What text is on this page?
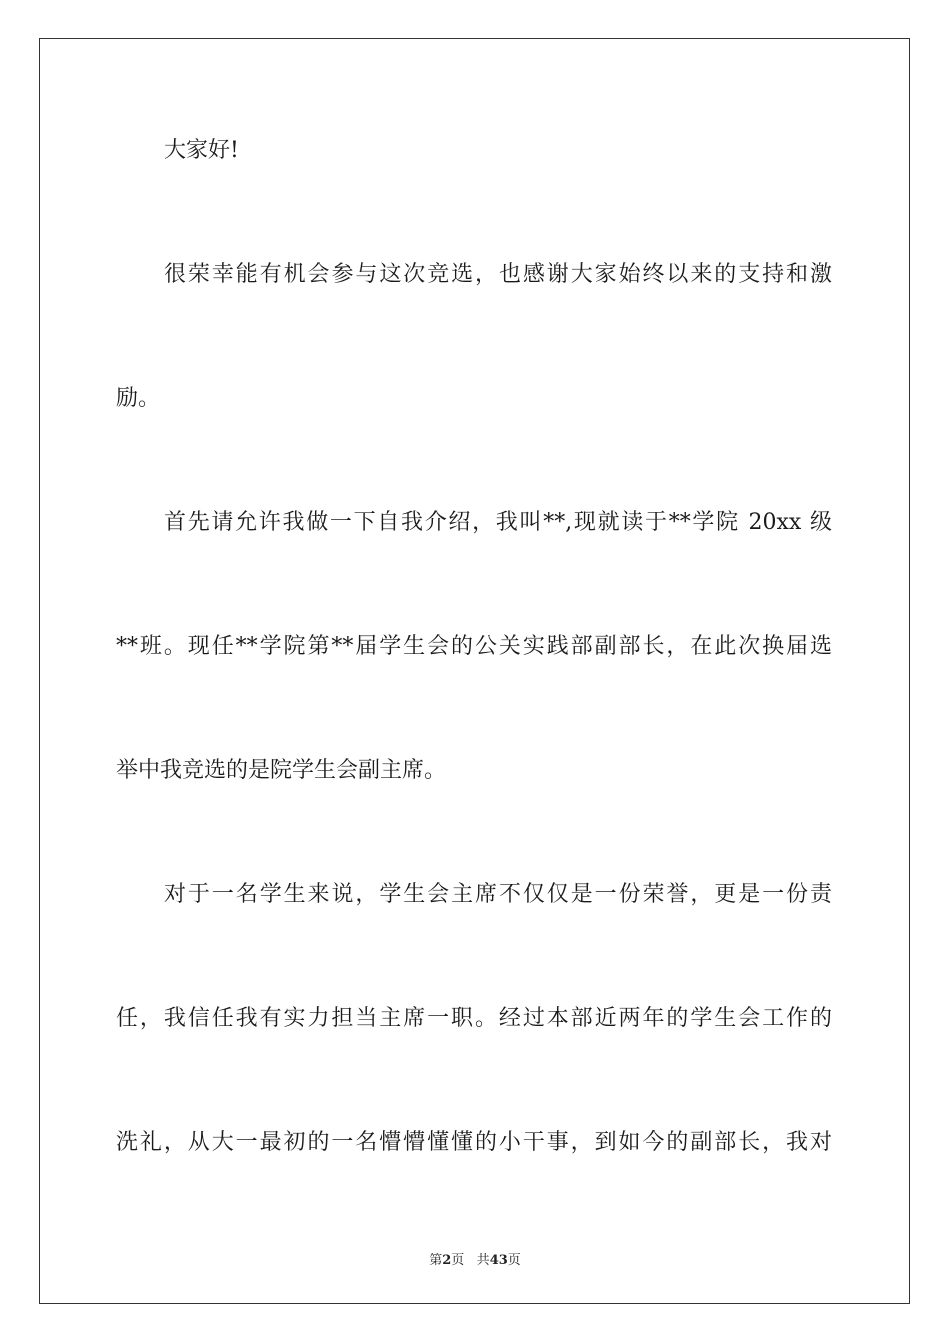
大家好!
很荣幸能有机会参与这次竞选，也感谢大家始终以来的支持和激
励。
首先请允许我做一下自我介绍，我叫**,现就读于**学院 20xx 级
**班。现任**学院第**届学生会的公关实践部副部长，在此次换届选
举中我竞选的是院学生会副主席。
对于一名学生来说，学生会主席不仅仅是一份荣誉，更是一份责
任，我信任我有实力担当主席一职。经过本部近两年的学生会工作的
洗礼，从大一最初的一名懵懵懂懂的小干事，到如今的副部长，我对
第2页 共43页
